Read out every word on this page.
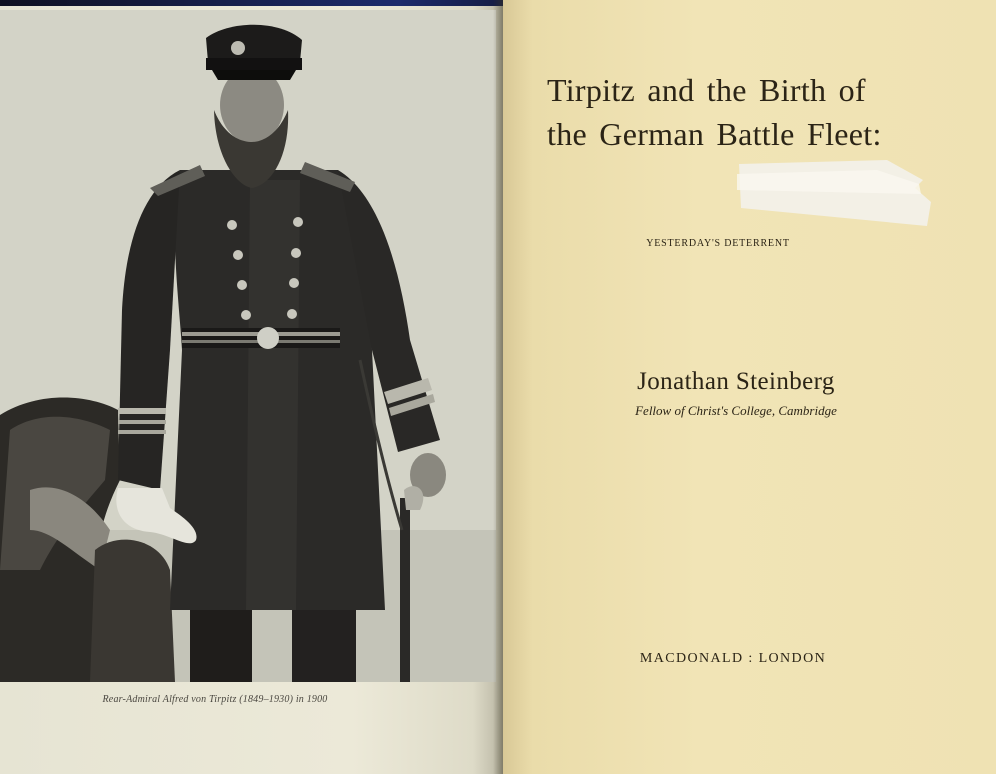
Rear-Admiral Alfred von Tirpitz (1849–1930) in 1900
Tirpitz and the Birth of
the German Battle Fleet:
YESTERDAY'S DETERRENT
Jonathan Steinberg
Fellow of Christ's College, Cambridge
MACDONALD : LONDON
